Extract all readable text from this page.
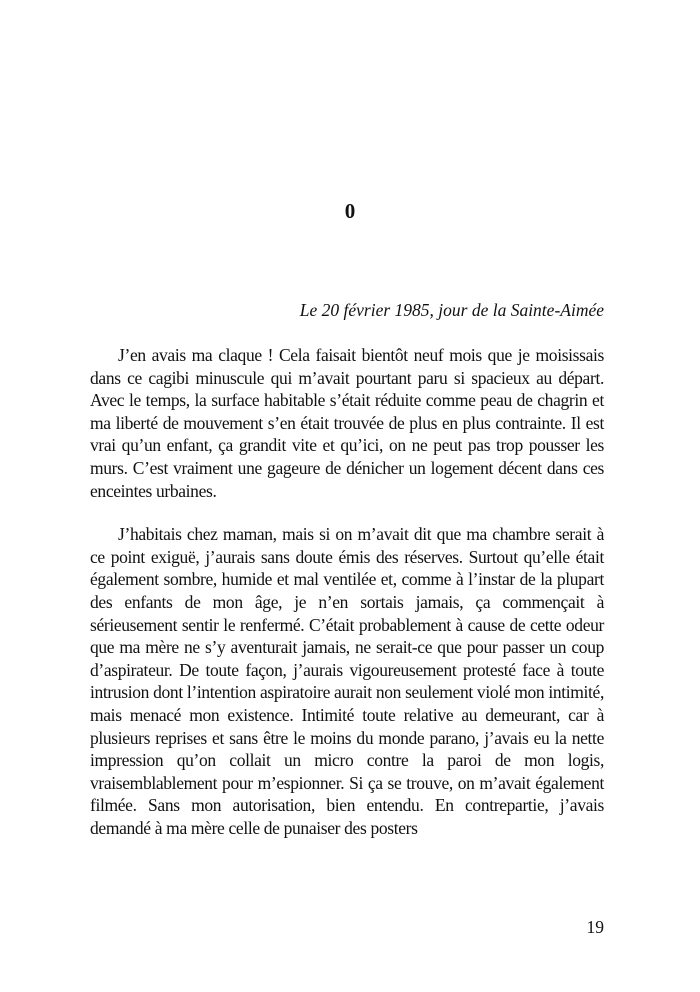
0
Le 20 février 1985, jour de la Sainte-Aimée

J’en avais ma claque ! Cela faisait bientôt neuf mois que je moisissais dans ce cagibi minuscule qui m’avait pourtant paru si spacieux au départ. Avec le temps, la surface habitable s’était réduite comme peau de chagrin et ma liberté de mouvement s’en était trouvée de plus en plus contrainte. Il est vrai qu’un enfant, ça grandit vite et qu’ici, on ne peut pas trop pousser les murs. C’est vraiment une gageure de dénicher un logement décent dans ces enceintes urbaines.

J’habitais chez maman, mais si on m’avait dit que ma chambre serait à ce point exiguë, j’aurais sans doute émis des réserves. Surtout qu’elle était également sombre, humide et mal ventilée et, comme à l’instar de la plupart des enfants de mon âge, je n’en sortais jamais, ça commençait à sérieusement sentir le renfermé. C’était probablement à cause de cette odeur que ma mère ne s’y aventurait jamais, ne serait-ce que pour passer un coup d’aspirateur. De toute façon, j’aurais vigoureusement protesté face à toute intrusion dont l’intention aspiratoire aurait non seulement violé mon intimité, mais menacé mon existence. Intimité toute relative au demeurant, car à plusieurs reprises et sans être le moins du monde parano, j’avais eu la nette impression qu’on collait un micro contre la paroi de mon logis, vraisemblablement pour m’espionner. Si ça se trouve, on m’avait également filmée. Sans mon autorisation, bien entendu. En contrepartie, j’avais demandé à ma mère celle de punaiser des posters

19
